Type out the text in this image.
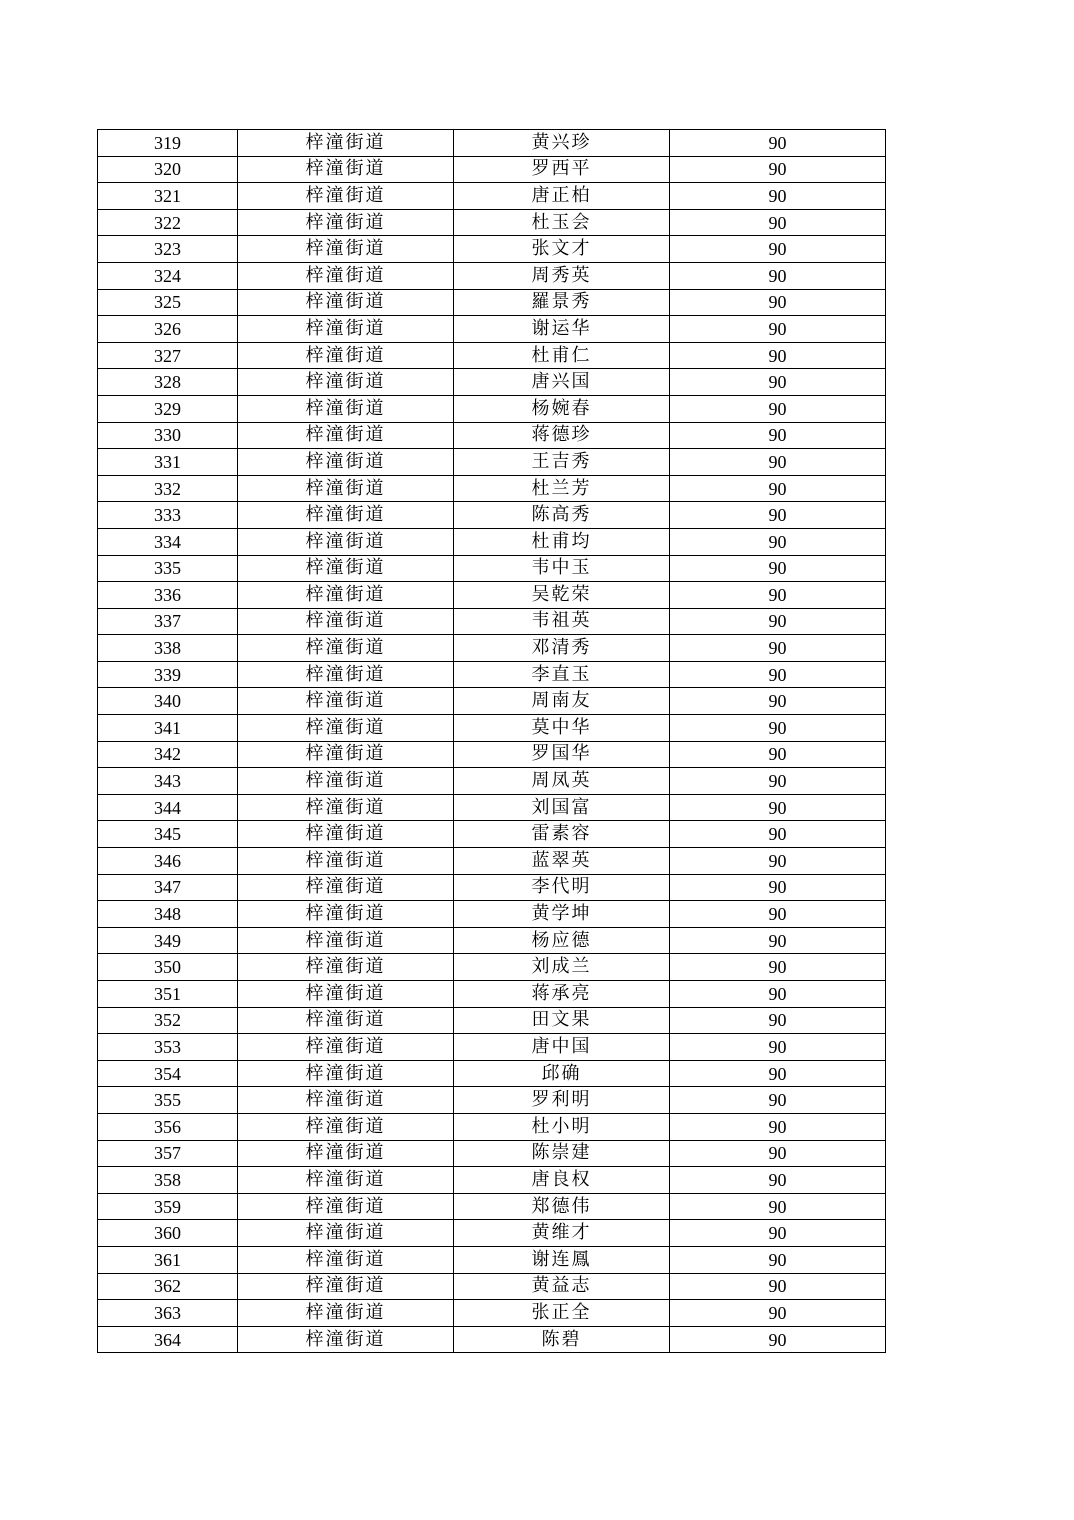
319	梓潼街道	黄兴珍	90
320	梓潼街道	罗西平	90
321	梓潼街道	唐正柏	90
322	梓潼街道	杜玉会	90
323	梓潼街道	张文才	90
324	梓潼街道	周秀英	90
325	梓潼街道	羅景秀	90
326	梓潼街道	谢运华	90
327	梓潼街道	杜甫仁	90
328	梓潼街道	唐兴国	90
329	梓潼街道	杨婉春	90
330	梓潼街道	蒋德珍	90
331	梓潼街道	王吉秀	90
332	梓潼街道	杜兰芳	90
333	梓潼街道	陈高秀	90
334	梓潼街道	杜甫均	90
335	梓潼街道	韦中玉	90
336	梓潼街道	吴乾荣	90
337	梓潼街道	韦祖英	90
338	梓潼街道	邓清秀	90
339	梓潼街道	李直玉	90
340	梓潼街道	周南友	90
341	梓潼街道	莫中华	90
342	梓潼街道	罗国华	90
343	梓潼街道	周凤英	90
344	梓潼街道	刘国富	90
345	梓潼街道	雷素容	90
346	梓潼街道	蓝翠英	90
347	梓潼街道	李代明	90
348	梓潼街道	黄学坤	90
349	梓潼街道	杨应德	90
350	梓潼街道	刘成兰	90
351	梓潼街道	蒋承亮	90
352	梓潼街道	田文果	90
353	梓潼街道	唐中国	90
354	梓潼街道	邱确	90
355	梓潼街道	罗利明	90
356	梓潼街道	杜小明	90
357	梓潼街道	陈崇建	90
358	梓潼街道	唐良权	90
359	梓潼街道	郑德伟	90
360	梓潼街道	黄维才	90
361	梓潼街道	谢连鳳	90
362	梓潼街道	黄益志	90
363	梓潼街道	张正全	90
364	梓潼街道	陈碧	90
